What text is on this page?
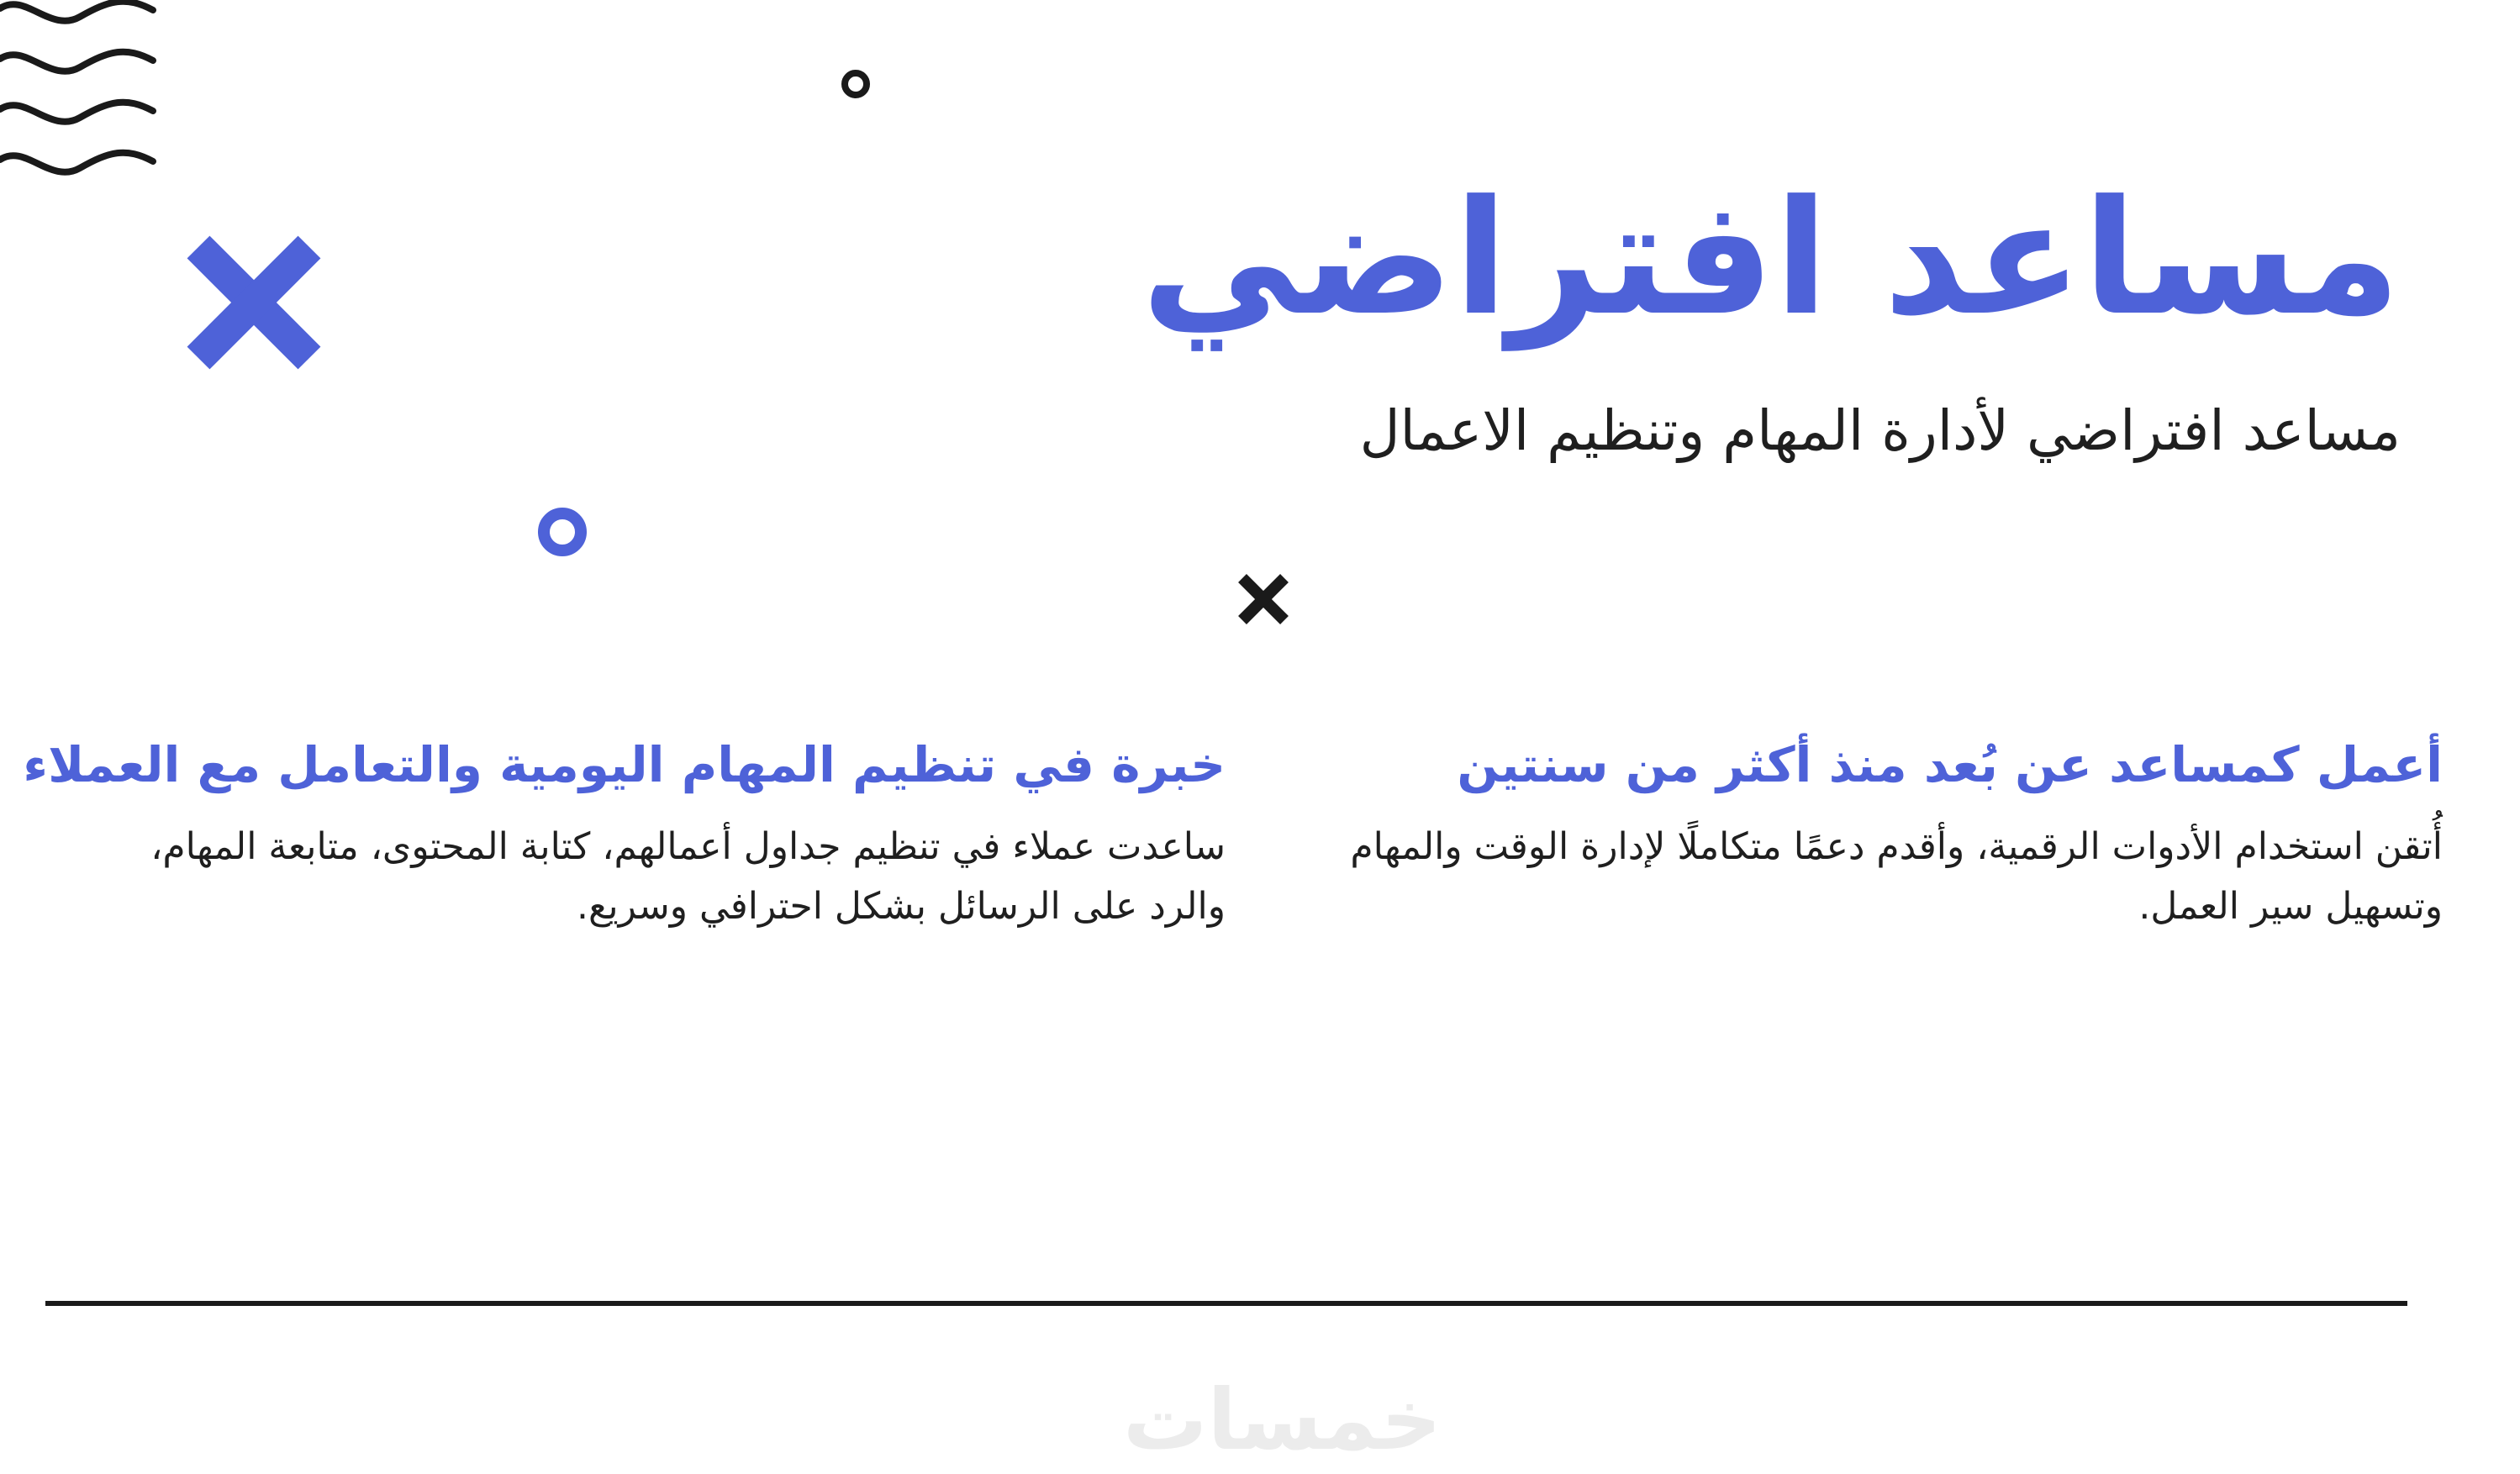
مساعد افتراضي

مساعد افتراضي لأدارة المهام وتنظيم الاعمال

أعمل كمساعد عن بُعد منذ أكثر من سنتين

أُتقن استخدام الأدوات الرقمية، وأقدم دعمًا متكاملًا لإدارة الوقت والمهام
وتسهيل سير العمل.

خبرة في تنظيم المهام اليومية والتعامل مع العملاء

ساعدت عملاء في تنظيم جداول أعمالهم، كتابة المحتوى، متابعة المهام،
والرد على الرسائل بشكل احترافي وسريع.

خمسات
